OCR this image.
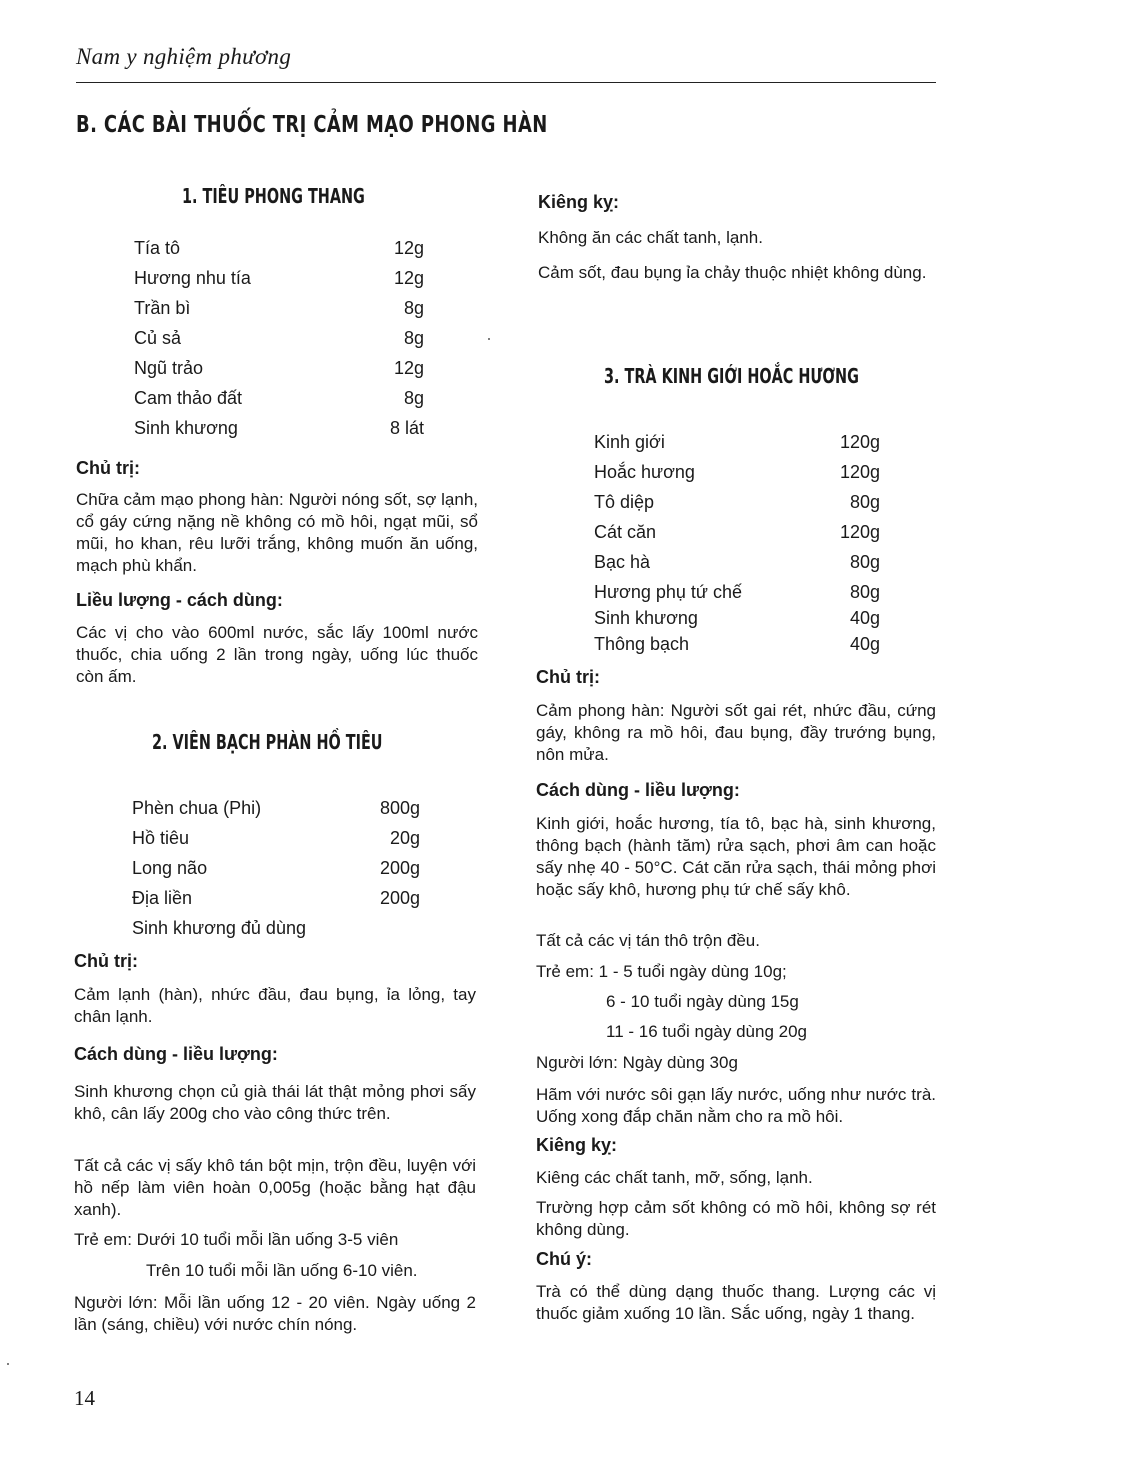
Nam y nghiệm phương
B. CÁC BÀI THUỐC TRỊ CẢM MẠO PHONG HÀN
1. TIÊU PHONG THANG
Tía tô	12g
Hương nhu tía	12g
Trần bì	8g
Củ sả	8g
Ngũ trảo	12g
Cam thảo đất	8g
Sinh khương	8 lát
Chủ trị:
Chữa cảm mạo phong hàn: Người nóng sốt, sợ lạnh, cổ gáy cứng nặng nề không có mồ hôi, ngạt mũi, sổ mũi, ho khan, rêu lưỡi trắng, không muốn ăn uống, mạch phù khẩn.
Liều lượng - cách dùng:
Các vị cho vào 600ml nước, sắc lấy 100ml nước thuốc, chia uống 2 lần trong ngày, uống lúc thuốc còn ấm.
2. VIÊN BẠCH PHÀN HỒ TIÊU
Phèn chua (Phi)	800g
Hồ tiêu	20g
Long não	200g
Địa liền	200g
Sinh khương đủ dùng
Chủ trị:
Cảm lạnh (hàn), nhức đầu, đau bụng, ỉa lỏng, tay chân lạnh.
Cách dùng - liều lượng:
Sinh khương chọn củ già thái lát thật mỏng phơi sấy khô, cân lấy 200g cho vào công thức trên.
Tất cả các vị sấy khô tán bột mịn, trộn đều, luyện với hồ nếp làm viên hoàn 0,005g (hoặc bằng hạt đậu xanh).
Trẻ em: Dưới 10 tuổi mỗi lần uống 3-5 viên
Trên 10 tuổi mỗi lần uống 6-10 viên.
Người lớn: Mỗi lần uống 12 - 20 viên. Ngày uống 2 lần (sáng, chiều) với nước chín nóng.
Kiêng kỵ:
Không ăn các chất tanh, lạnh.
Cảm sốt, đau bụng ỉa chảy thuộc nhiệt không dùng.
3. TRÀ KINH GIỚI HOẮC HƯƠNG
Kinh giới	120g
Hoắc hương	120g
Tô diệp	80g
Cát căn	120g
Bạc hà	80g
Hương phụ tứ chế	80g
Sinh khương	40g
Thông bạch	40g
Chủ trị:
Cảm phong hàn: Người sốt gai rét, nhức đầu, cứng gáy, không ra mồ hôi, đau bụng, đầy trướng bụng, nôn mửa.
Cách dùng - liều lượng:
Kinh giới, hoắc hương, tía tô, bạc hà, sinh khương, thông bạch (hành tăm) rửa sạch, phơi âm can hoặc sấy nhẹ 40 - 50°C. Cát căn rửa sạch, thái mỏng phơi hoặc sấy khô, hương phụ tứ chế sấy khô.
Tất cả các vị tán thô trộn đều.
Trẻ em: 1 - 5 tuổi ngày dùng 10g;
6 - 10 tuổi ngày dùng 15g
11 - 16 tuổi ngày dùng 20g
Người lớn: Ngày dùng 30g
Hãm với nước sôi gạn lấy nước, uống như nước trà. Uống xong đắp chăn nằm cho ra mồ hôi.
Kiêng kỵ:
Kiêng các chất tanh, mỡ, sống, lạnh.
Trường hợp cảm sốt không có mồ hôi, không sợ rét không dùng.
Chú ý:
Trà có thể dùng dạng thuốc thang. Lượng các vị thuốc giảm xuống 10 lần. Sắc uống, ngày 1 thang.
14
